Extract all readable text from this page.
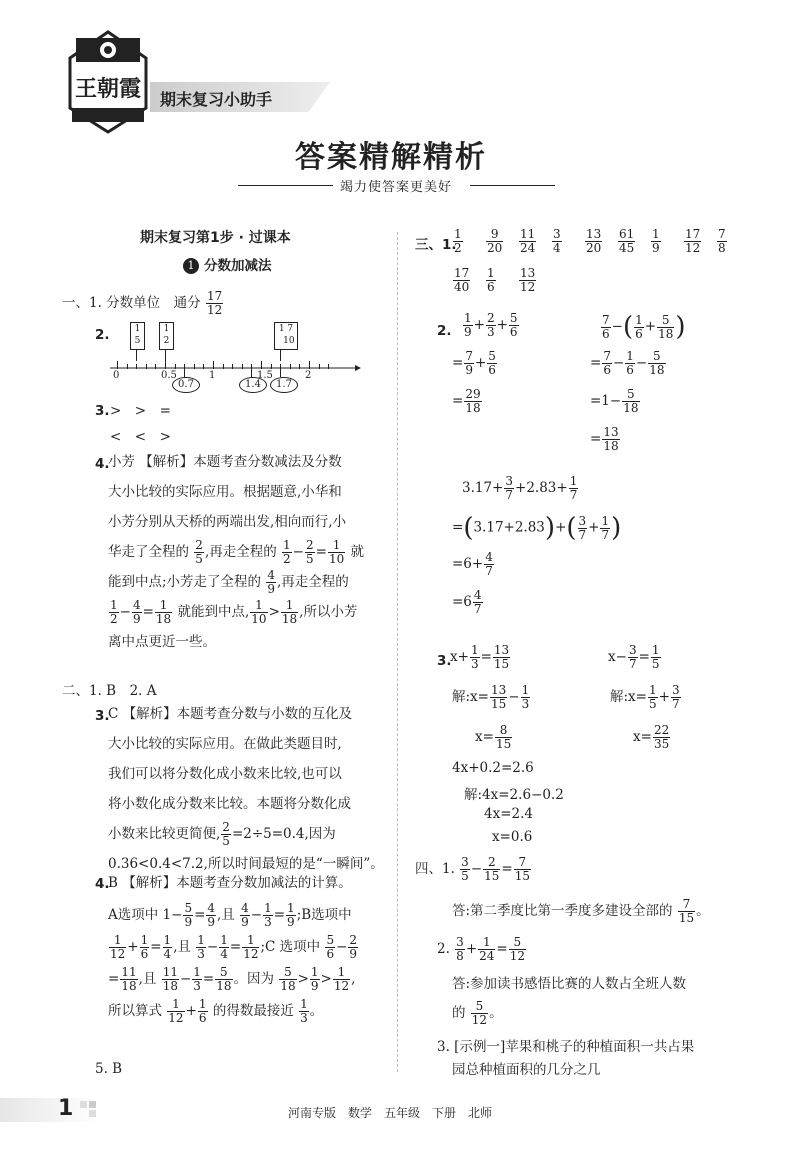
王朝霞	期末复习小助手
答案精解精析
竭力使答案更美好
期末复习第1步 · 过课本
1 分数加减法
一、1. 分数单位　通分 $\frac{17}{12}$
2.
0	0.5	1	1.5	2
1
5
1
2
1 7
10
0.7	1.4	1.7
3. >　>　=
<　<　>
4.
小芳 【解析】本题考查分数减法及分数
大小比较的实际应用。根据题意,小华和
小芳分别从天桥的两端出发,相向而行,小
华走了全程的 $\frac{2}{5}$ ,再走全程的 $\frac{1}{2} - \frac{2}{5} = \frac{1}{10}$ 就
能到中点;小芳走了全程的 $\frac{4}{9}$ ,再走全程的
$\frac{1}{2} - \frac{4}{9} = \frac{1}{18}$ 就能到中点, $\frac{1}{10} > \frac{1}{18}$ ,所以小芳
离中点更近一些。
二、1. B　2. A
3.
C 【解析】本题考查分数与小数的互化及
大小比较的实际应用。在做此类题目时,
我们可以将分数化成小数来比较,也可以
将小数化成分数来比较。本题将分数化成
小数来比较更简便, $\frac{2}{5} =2\div 5=0.4$,因为
0.36<0.4<7.2,所以时间最短的是“一瞬间”。
4.
B 【解析】本题考查分数加减法的计算。
A选项中 $1- \frac{5}{9} = \frac{4}{9}$ ,且 $\frac{4}{9} - \frac{1}{3} = \frac{1}{9}$ ;B选项中
$\frac{1}{12} + \frac{1}{6} = \frac{1}{4}$ ,且 $\frac{1}{3} - \frac{1}{4} = \frac{1}{12}$ ;C 选项中 $\frac{5}{6} - \frac{2}{9}$
= $\frac{11}{18}$ ,且 $\frac{11}{18} - \frac{1}{3} = \frac{5}{18}$ 。因为 $\frac{5}{18} > \frac{1}{9} > \frac{1}{12}$ ,
所以算式 $\frac{1}{12} + \frac{1}{6}$ 的得数最接近 $\frac{1}{3}$ 。
5. B
三、1.
$\frac{1}{2} \frac{9}{20} \frac{11}{24} \frac{3}{4} \frac{13}{20} \frac{61}{45} \frac{1}{9} \frac{17}{12} \frac{7}{8}$
$\frac{17}{40} \frac{1}{6} \frac{13}{12}$
2. $\frac{1}{9} + \frac{2}{3} + \frac{5}{6}$
= $\frac{7}{9} + \frac{5}{6}$
= $\frac{29}{18}$
$\frac{7}{6}$ −( $\frac{1}{6} + \frac{5}{18}$ )
= $\frac{7}{6} - \frac{1}{6} - \frac{5}{18}$
$=1- \frac{5}{18}$
= $\frac{13}{18}$
$3.17+ \frac{3}{7} +2.83+ \frac{1}{7}$
$=(3.17+2.83)+( \frac{3}{7} + \frac{1}{7}$ )
$=6+ \frac{4}{7}$
$=6 \frac{4}{7}$
3.
$x+ \frac{1}{3} = \frac{13}{15}$
解:x= $\frac{13}{15} - \frac{1}{3}$
$x= \frac{8}{15}$
$x- \frac{3}{7} = \frac{1}{5}$
解:x= $\frac{1}{5} + \frac{3}{7}$
$x= \frac{22}{35}$
4x+0.2=2.6
解:4x=2.6−0.2
4x=2.4
x=0.6
四、1. $\frac{3}{5} - \frac{2}{15} = \frac{7}{15}$
答:第二季度比第一季度多建设全部的 $\frac{7}{15}$ 。
2. $\frac{3}{8} + \frac{1}{24} = \frac{5}{12}$
答:参加读书感悟比赛的人数占全班人数
的 $\frac{5}{12}$ 。
3. [示例一]苹果和桃子的种植面积一共占果
园总种植面积的几分之几
1	河南专版　数学　五年级　下册　北师
